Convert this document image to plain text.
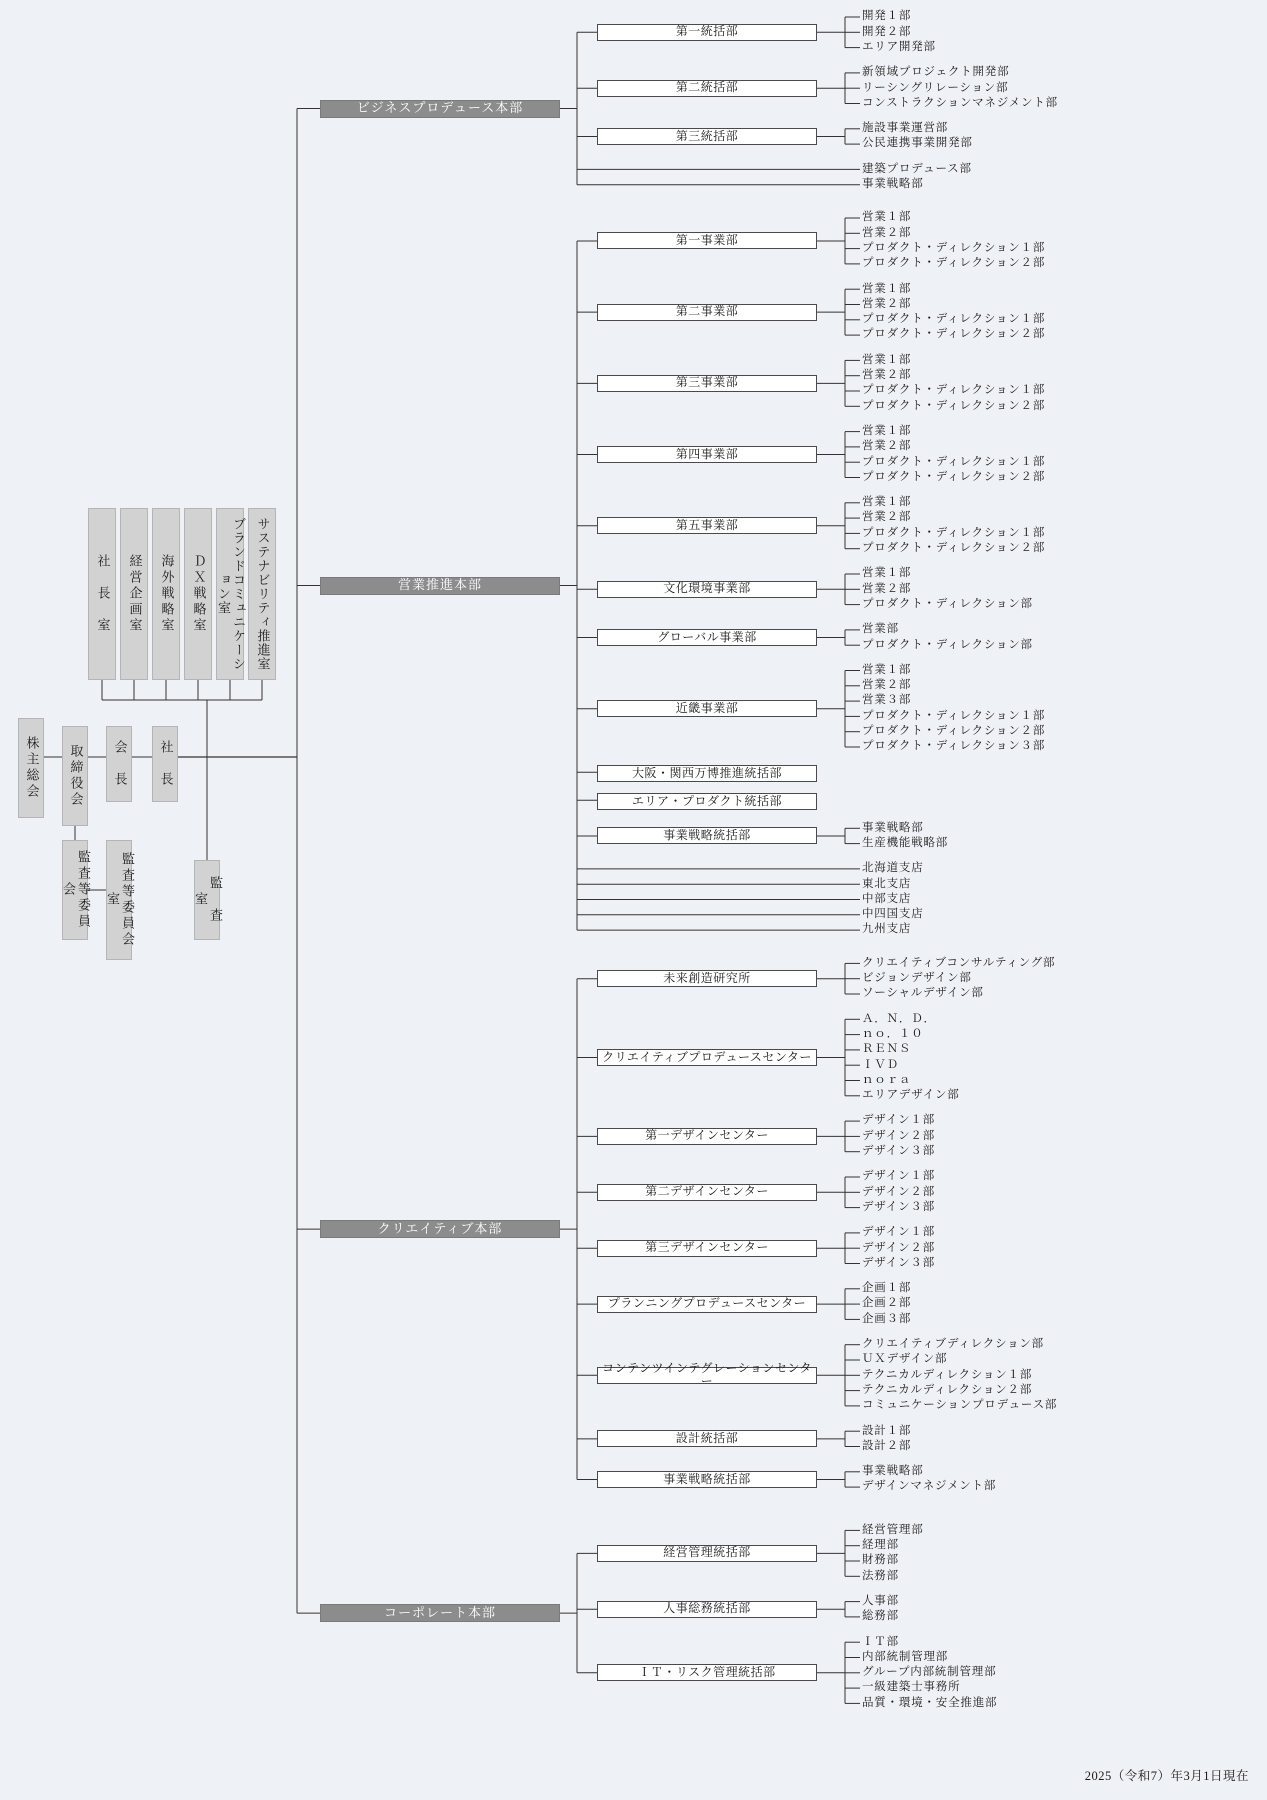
開発１部
開発２部
エリア開発部
第一統括部
新領域プロジェクト開発部
リーシングリレーション部
コンストラクションマネジメント部
第二統括部
施設事業運営部
公民連携事業開発部
第三統括部
建築プロデュース部
事業戦略部
ビジネスプロデュース本部
営業１部
営業２部
プロダクト・ディレクション１部
プロダクト・ディレクション２部
第一事業部
営業１部
営業２部
プロダクト・ディレクション１部
プロダクト・ディレクション２部
第二事業部
営業１部
営業２部
プロダクト・ディレクション１部
プロダクト・ディレクション２部
第三事業部
営業１部
営業２部
プロダクト・ディレクション１部
プロダクト・ディレクション２部
第四事業部
営業１部
営業２部
プロダクト・ディレクション１部
プロダクト・ディレクション２部
第五事業部
営業１部
営業２部
プロダクト・ディレクション部
文化環境事業部
営業部
プロダクト・ディレクション部
グローバル事業部
営業１部
営業２部
営業３部
プロダクト・ディレクション１部
プロダクト・ディレクション２部
プロダクト・ディレクション３部
近畿事業部
大阪・関西万博推進統括部
エリア・プロダクト統括部
事業戦略部
生産機能戦略部
事業戦略統括部
北海道支店
東北支店
中部支店
中四国支店
九州支店
営業推進本部
クリエイティブコンサルティング部
ビジョンデザイン部
ソーシャルデザイン部
未来創造研究所
Ａ．Ｎ．Ｄ．
ｎｏ．１０
ＲＥＮＳ
ＩＶＤ
ｎｏｒａ
エリアデザイン部
クリエイティブプロデュースセンター
デザイン１部
デザイン２部
デザイン３部
第一デザインセンター
デザイン１部
デザイン２部
デザイン３部
第二デザインセンター
デザイン１部
デザイン２部
デザイン３部
第三デザインセンター
企画１部
企画２部
企画３部
プランニングプロデュースセンター
クリエイティブディレクション部
ＵＸデザイン部
テクニカルディレクション１部
テクニカルディレクション２部
コミュニケーションプロデュース部
コンテンツインテグレーションセンター
設計１部
設計２部
設計統括部
事業戦略部
デザインマネジメント部
事業戦略統括部
クリエイティブ本部
経営管理部
経理部
財務部
法務部
経営管理統括部
人事部
総務部
人事総務統括部
ＩＴ部
内部統制管理部
グループ内部統制管理部
一級建築士事務所
品質・環境・安全推進部
ＩＴ・リスク管理統括部
コーポレート本部
社　長　室	経営企画室	海外戦略室	ＤＸ戦略室	ブランドコミュニケーション室	サステナビリティ推進室
株主総会	取締役会	会　長	社　長
監査等委員会	監査等委員会室	監　査　室
2025（令和7）年3月1日現在
